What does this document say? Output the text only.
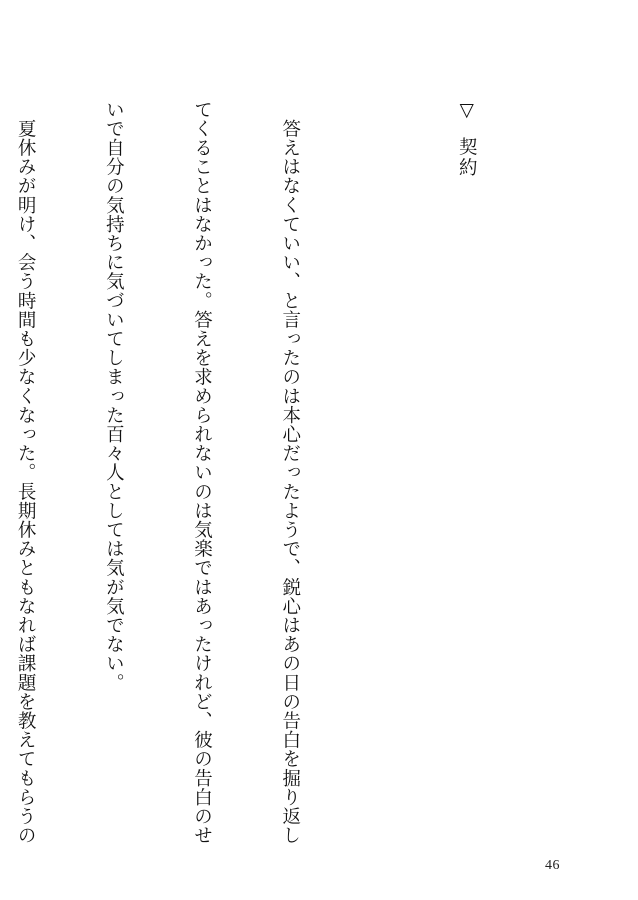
▽契約

　答えはなくていい、と言ったのは本心だったようで、鋭心はあの日の告白を掘り返し

てくることはなかった。答えを求められないのは気楽ではあったけれど、彼の告白のせ

いで自分の気持ちに気づいてしまった百々人としては気が気でない。

　夏休みが明け、会う時間も少なくなった。長期休みともなれば課題を教えてもらうの

46
